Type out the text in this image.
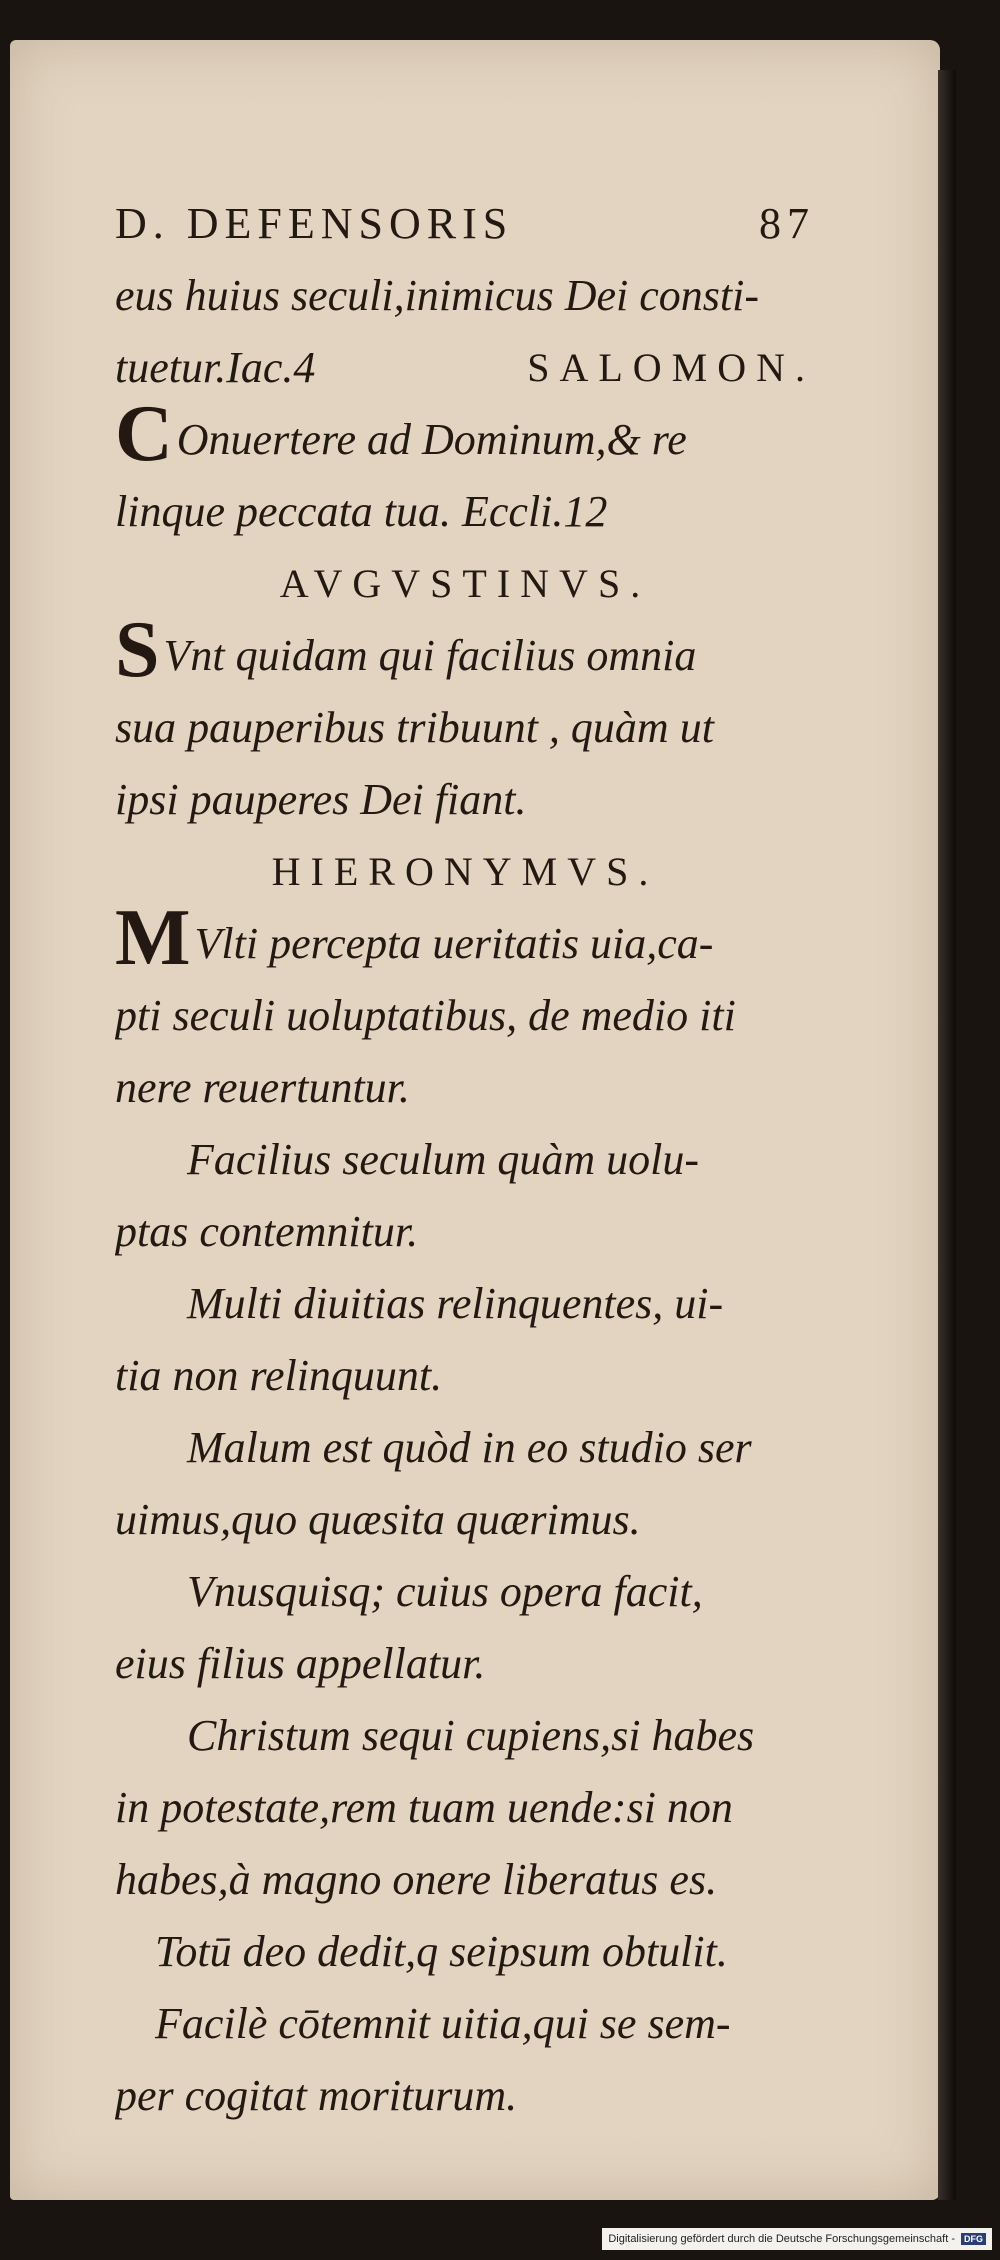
D. DEFENSORIS	87
eus huius seculi,inimicus Dei consti-
tuetur.Iac.4	SALOMON.
COnuertere ad Dominum,& re
linque peccata tua. Eccli.12
AVGVSTINVS.
SVnt quidam qui facilius omnia
sua pauperibus tribuunt , quàm ut
ipsi pauperes Dei fiant.
HIERONYMVS.
MVlti percepta ueritatis uia,ca-
pti seculi uoluptatibus, de medio iti
nere reuertuntur.
Facilius seculum quàm uolu-
ptas contemnitur.
Multi diuitias relinquentes, ui-
tia non relinquunt.
Malum est quòd in eo studio ser
uimus,quo quæsita quærimus.
Vnusquisq; cuius opera facit,
eius filius appellatur.
Christum sequi cupiens,si habes
in potestate,rem tuam uende:si non
habes,à magno onere liberatus es.
Totū deo dedit,q seipsum obtulit.
Facilè cōtemnit uitia,qui se sem-
per cogitat moriturum.
Digitalisierung gefördert durch die Deutsche Forschungsgemeinschaft -	DFG
